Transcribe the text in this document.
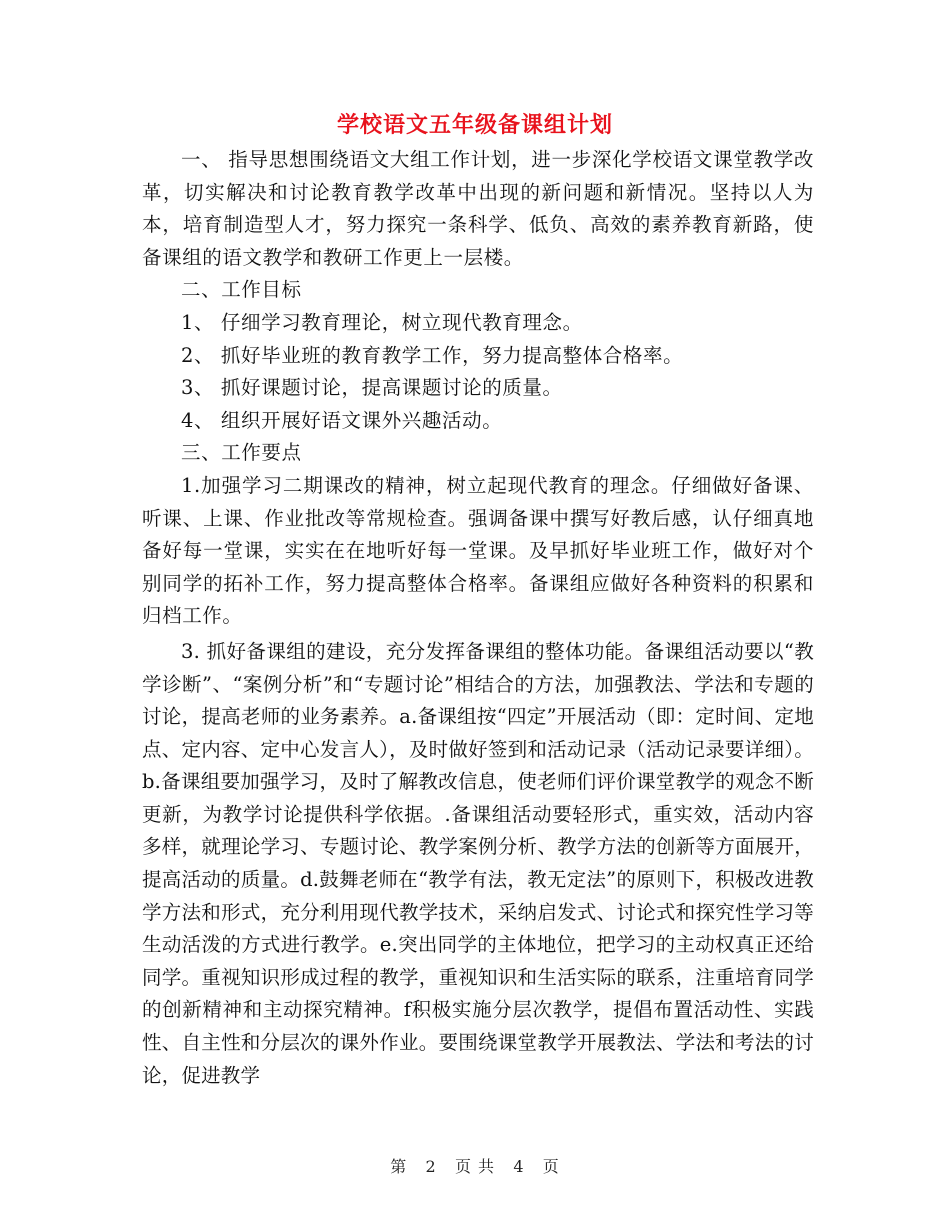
学校语文五年级备课组计划

一、 指导思想围绕语文大组工作计划，进一步深化学校语文课堂教学改革，切实解决和讨论教育教学改革中出现的新问题和新情况。坚持以人为本，培育制造型人才，努力探究一条科学、低负、高效的素养教育新路，使备课组的语文教学和教研工作更上一层楼。

二、工作目标

1、 仔细学习教育理论，树立现代教育理念。

2、 抓好毕业班的教育教学工作，努力提高整体合格率。

3、 抓好课题讨论，提高课题讨论的质量。

4、 组织开展好语文课外兴趣活动。

三、工作要点

1.加强学习二期课改的精神，树立起现代教育的理念。仔细做好备课、听课、上课、作业批改等常规检查。强调备课中撰写好教后感，认仔细真地备好每一堂课，实实在在地听好每一堂课。及早抓好毕业班工作，做好对个别同学的拓补工作，努力提高整体合格率。备课组应做好各种资料的积累和归档工作。

3. 抓好备课组的建设，充分发挥备课组的整体功能。备课组活动要以“教学诊断”、“案例分析”和“专题讨论”相结合的方法，加强教法、学法和专题的讨论，提高老师的业务素养。a.备课组按“四定”开展活动（即：定时间、定地点、定内容、定中心发言人），及时做好签到和活动记录（活动记录要详细）。b.备课组要加强学习，及时了解教改信息，使老师们评价课堂教学的观念不断更新，为教学讨论提供科学依据。.备课组活动要轻形式，重实效，活动内容多样，就理论学习、专题讨论、教学案例分析、教学方法的创新等方面展开，提高活动的质量。d.鼓舞老师在“教学有法，教无定法”的原则下，积极改进教学方法和形式，充分利用现代教学技术，采纳启发式、讨论式和探究性学习等生动活泼的方式进行教学。e.突出同学的主体地位，把学习的主动权真正还给同学。重视知识形成过程的教学，重视知识和生活实际的联系，注重培育同学的创新精神和主动探究精神。f积极实施分层次教学，提倡布置活动性、实践性、自主性和分层次的课外作业。要围绕课堂教学开展教法、学法和考法的讨论，促进教学

第 2 页 共 4 页
